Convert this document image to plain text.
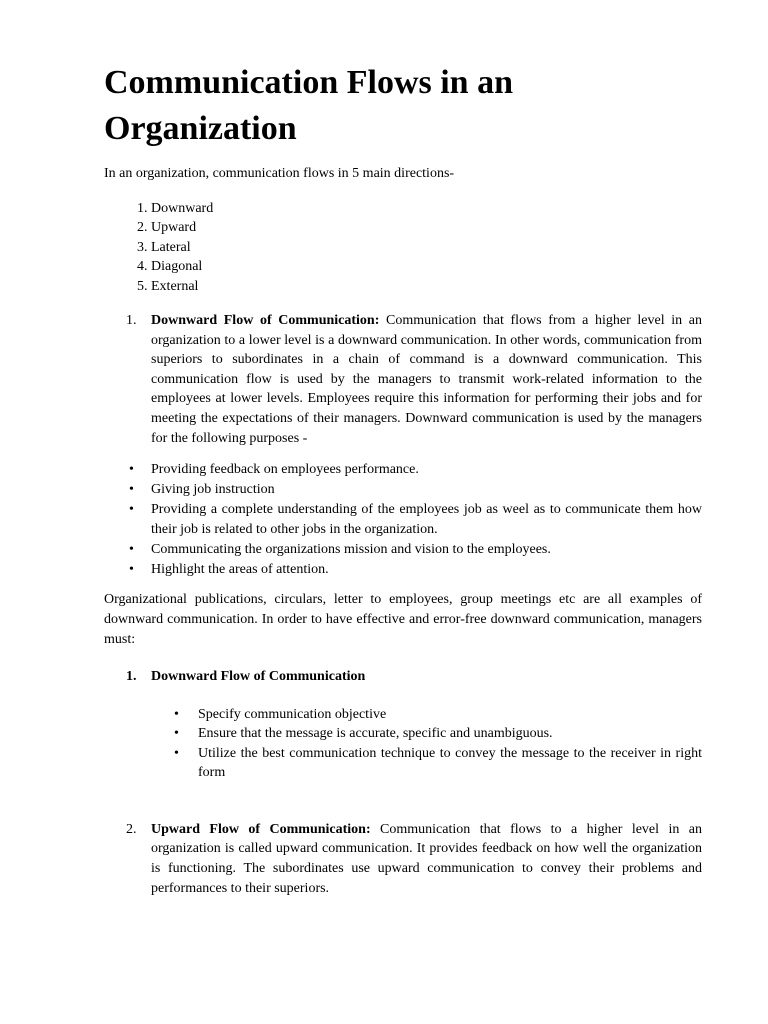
Communication Flows in an Organization

In an organization, communication flows in 5 main directions-

1. Downward
2. Upward
3. Lateral
4. Diagonal
5. External
1. Downward Flow of Communication: Communication that flows from a higher level in an organization to a lower level is a downward communication. In other words, communication from superiors to subordinates in a chain of command is a downward communication. This communication flow is used by the managers to transmit work-related information to the employees at lower levels. Employees require this information for performing their jobs and for meeting the expectations of their managers. Downward communication is used by the managers for the following purposes -
• Providing feedback on employees performance.
• Giving job instruction
• Providing a complete understanding of the employees job as weel as to communicate them how their job is related to other jobs in the organization.
• Communicating the organizations mission and vision to the employees.
• Highlight the areas of attention.

Organizational publications, circulars, letter to employees, group meetings etc are all examples of downward communication. In order to have effective and error-free downward communication, managers must:

1. Downward Flow of Communication
• Specify communication objective
• Ensure that the message is accurate, specific and unambiguous.
• Utilize the best communication technique to convey the message to the receiver in right form
2. Upward Flow of Communication: Communication that flows to a higher level in an organization is called upward communication. It provides feedback on how well the organization is functioning. The subordinates use upward communication to convey their problems and performances to their superiors.
